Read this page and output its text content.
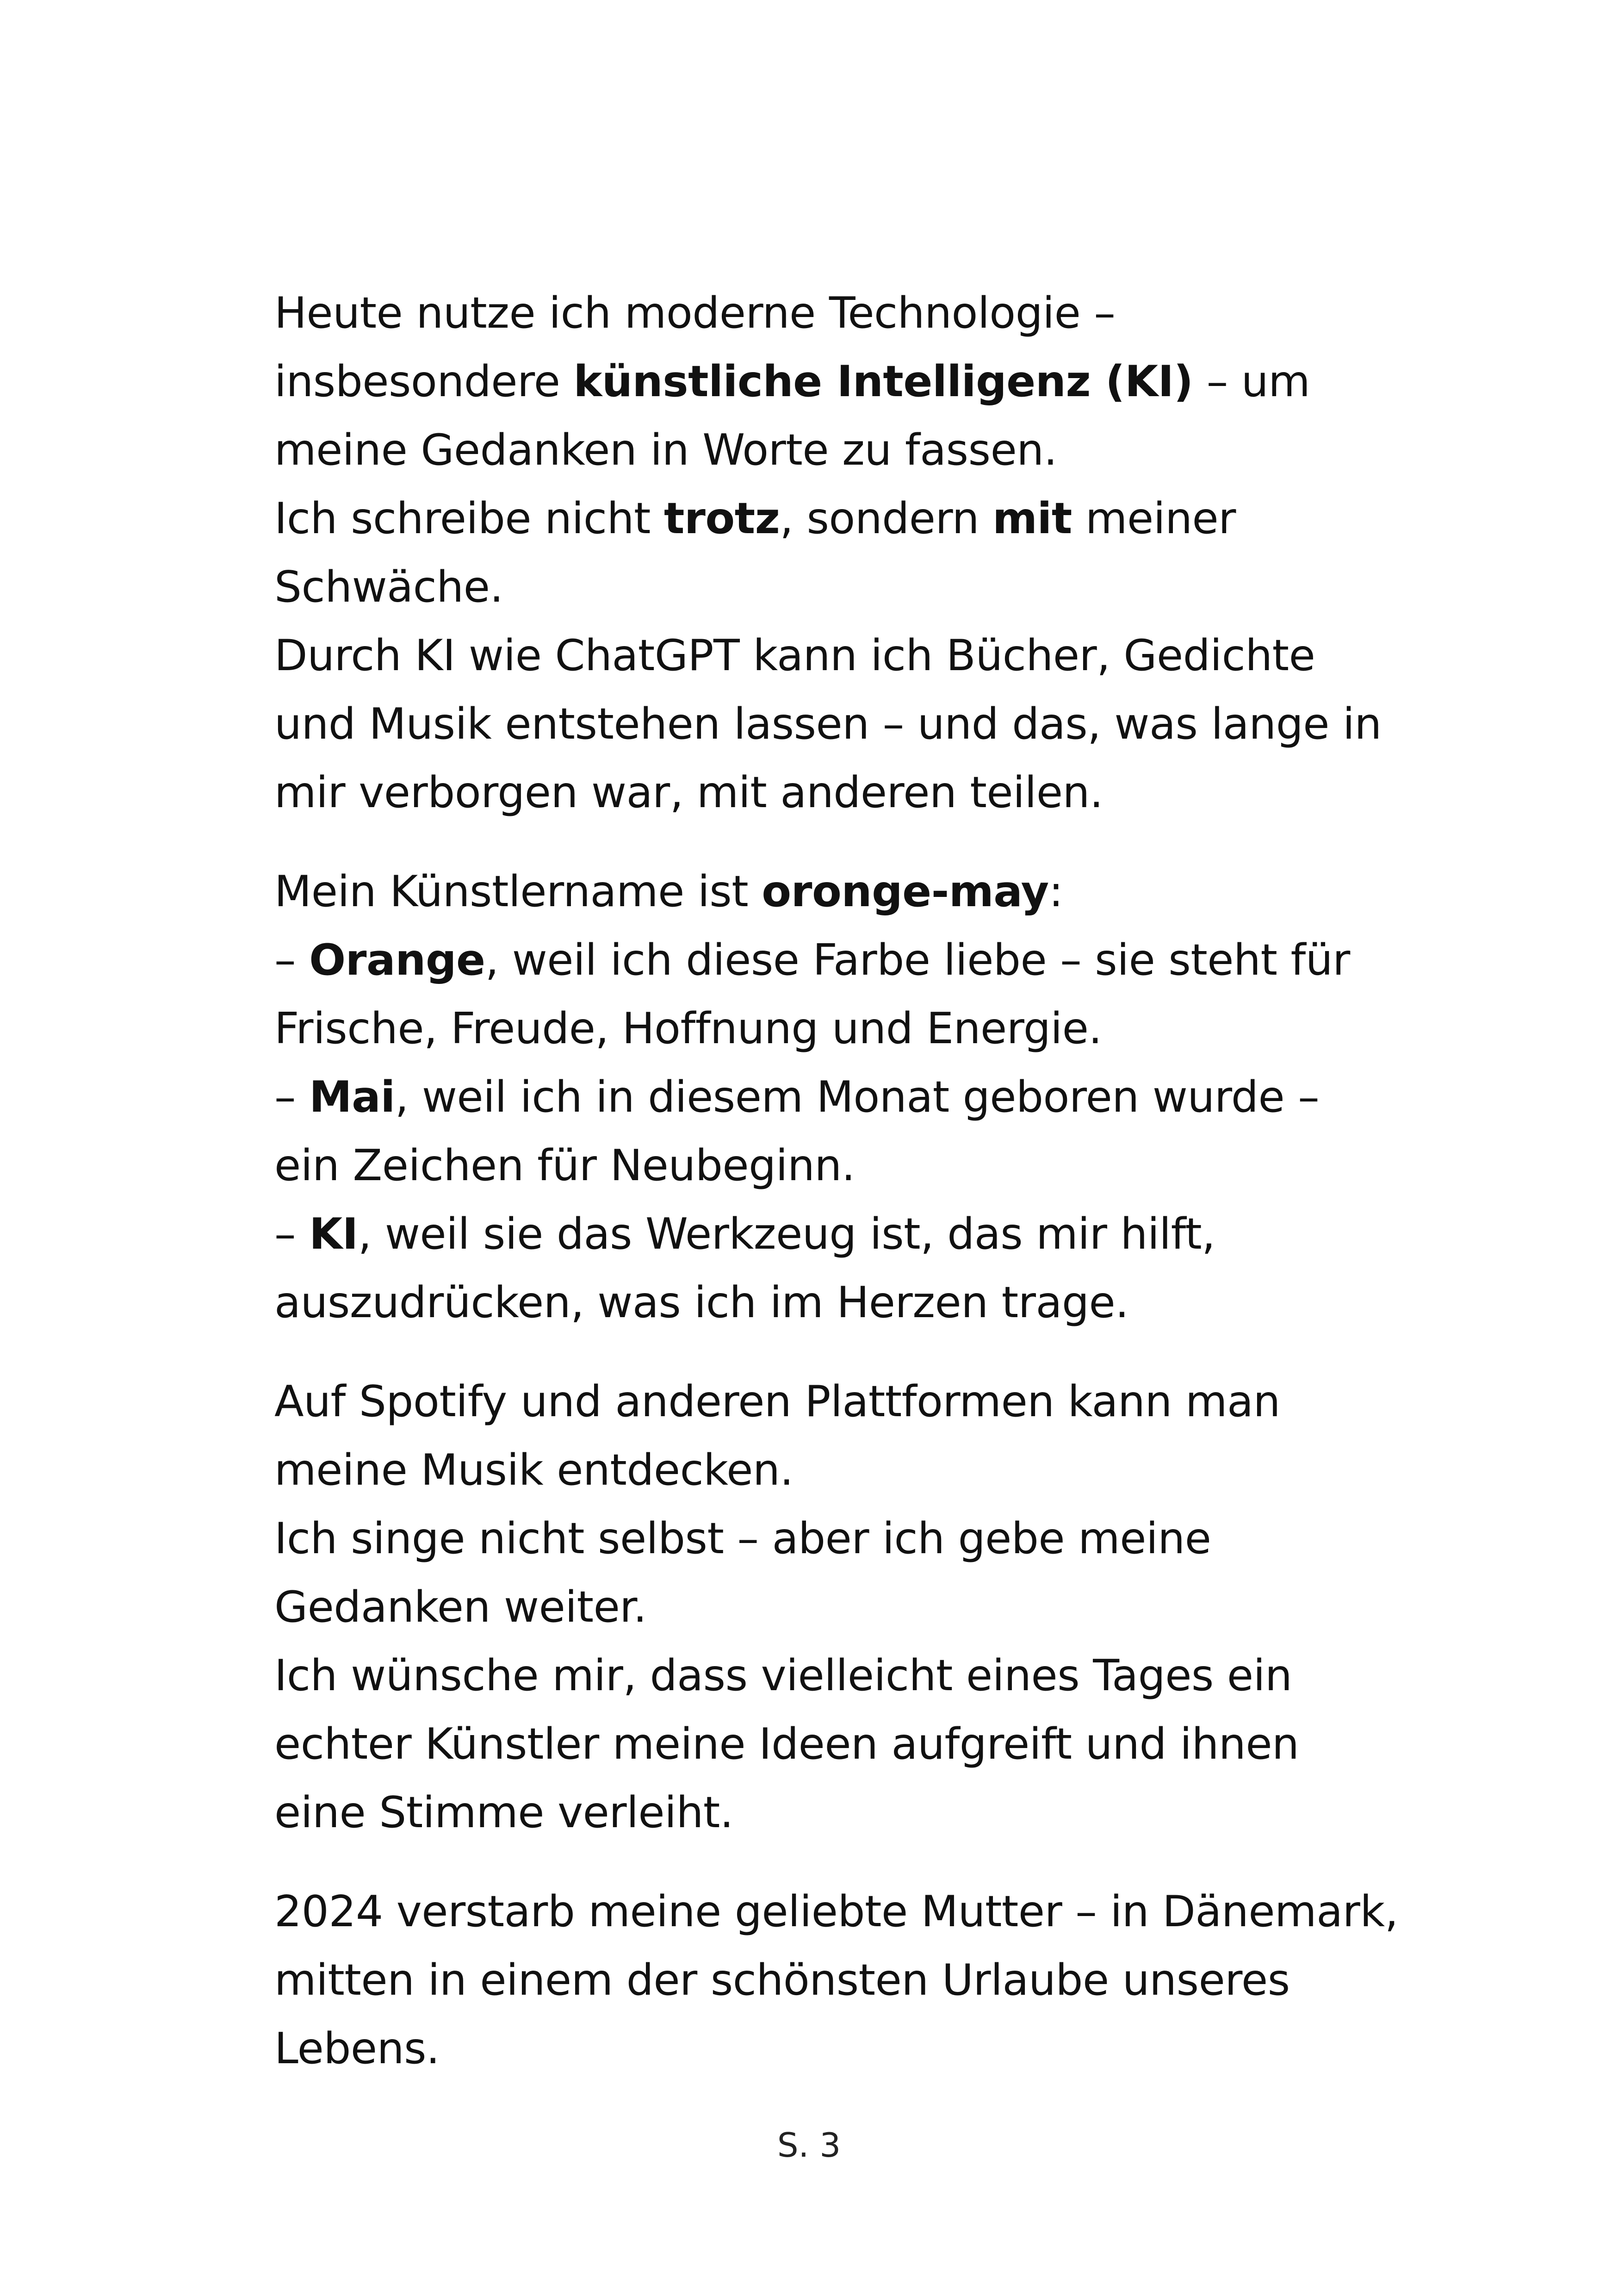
Heute nutze ich moderne Technologie –
insbesondere künstliche Intelligenz (KI) – um
meine Gedanken in Worte zu fassen.
Ich schreibe nicht trotz, sondern mit meiner
Schwäche.
Durch KI wie ChatGPT kann ich Bücher, Gedichte
und Musik entstehen lassen – und das, was lange in
mir verborgen war, mit anderen teilen.
Mein Künstlername ist oronge-may:
– Orange, weil ich diese Farbe liebe – sie steht für
Frische, Freude, Hoffnung und Energie.
– Mai, weil ich in diesem Monat geboren wurde –
ein Zeichen für Neubeginn.
– KI, weil sie das Werkzeug ist, das mir hilft,
auszudrücken, was ich im Herzen trage.
Auf Spotify und anderen Plattformen kann man
meine Musik entdecken.
Ich singe nicht selbst – aber ich gebe meine
Gedanken weiter.
Ich wünsche mir, dass vielleicht eines Tages ein
echter Künstler meine Ideen aufgreift und ihnen
eine Stimme verleiht.
2024 verstarb meine geliebte Mutter – in Dänemark,
mitten in einem der schönsten Urlaube unseres
Lebens.
S. 3
